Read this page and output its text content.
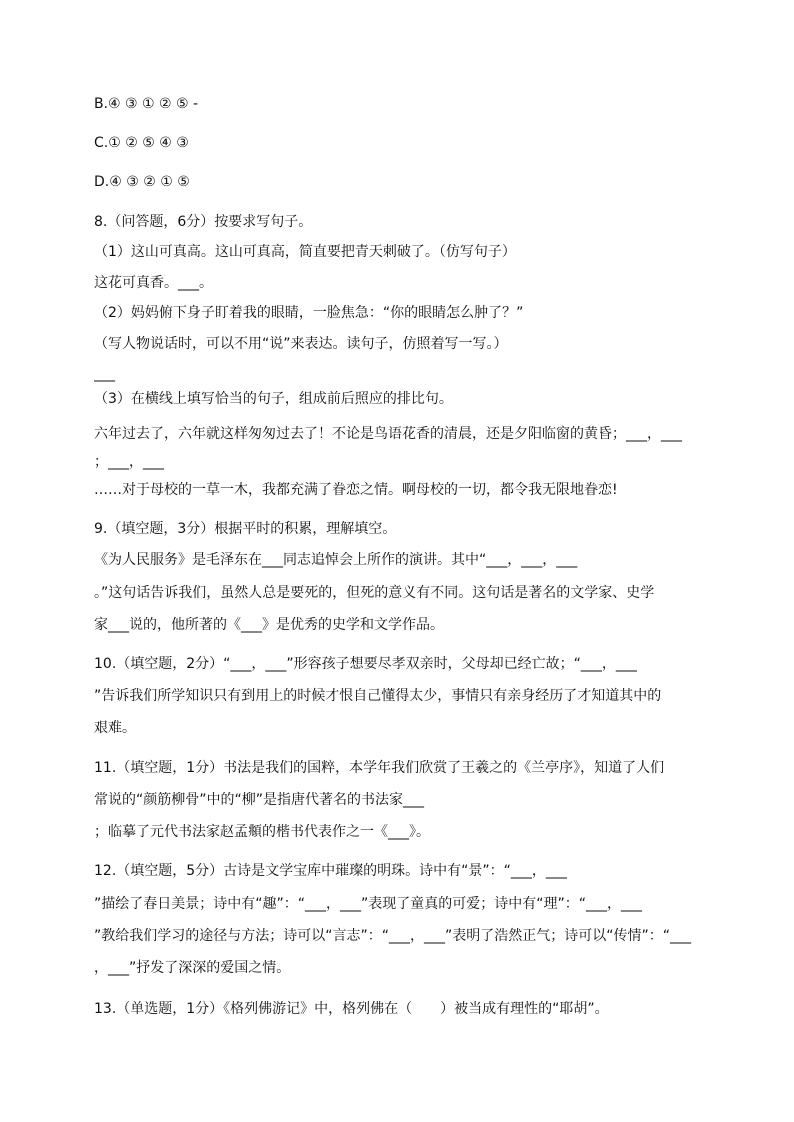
B.④ ③ ① ② ⑤ -
C.① ② ⑤ ④ ③
D.④ ③ ② ① ⑤
8.（问答题，6分）按要求写句子。
（1）这山可真高。这山可真高，简直要把青天刺破了。（仿写句子）
这花可真香。___。
（2）妈妈俯下身子盯着我的眼睛，一脸焦急：“你的眼睛怎么肿了？”
（写人物说话时，可以不用“说”来表达。读句子，仿照着写一写。）
___
（3）在横线上填写恰当的句子，组成前后照应的排比句。
六年过去了，六年就这样匆匆过去了！不论是鸟语花香的清晨，还是夕阳临窗的黄昏；___，___
；___，___
……对于母校的一草一木，我都充满了眷恋之情。啊母校的一切，都令我无限地眷恋!
9.（填空题，3分）根据平时的积累，理解填空。
《为人民服务》是毛泽东在___同志追悼会上所作的演讲。其中“___，___，___
。”这句话告诉我们，虽然人总是要死的，但死的意义有不同。这句话是著名的文学家、史学
家___说的，他所著的《___》是优秀的史学和文学作品。
10.（填空题，2分）“___，___”形容孩子想要尽孝双亲时，父母却已经亡故；“___，___
”告诉我们所学知识只有到用上的时候才恨自己懂得太少，事情只有亲身经历了才知道其中的
艰难。
11.（填空题，1分）书法是我们的国粹，本学年我们欣赏了王羲之的《兰亭序》，知道了人们
常说的“颜筋柳骨”中的“柳”是指唐代著名的书法家___
；临摹了元代书法家赵孟頫的楷书代表作之一《___》。
12.（填空题，5分）古诗是文学宝库中璀璨的明珠。诗中有“景”：“___，___
”描绘了春日美景；诗中有“趣”：“___，___”表现了童真的可爱；诗中有“理”：“___，___
”教给我们学习的途径与方法；诗可以“言志”：“___，___”表明了浩然正气；诗可以“传情”：“___
，___”抒发了深深的爱国之情。
13.（单选题，1分）《格列佛游记》中，格列佛在（　　）被当成有理性的“耶胡”。
